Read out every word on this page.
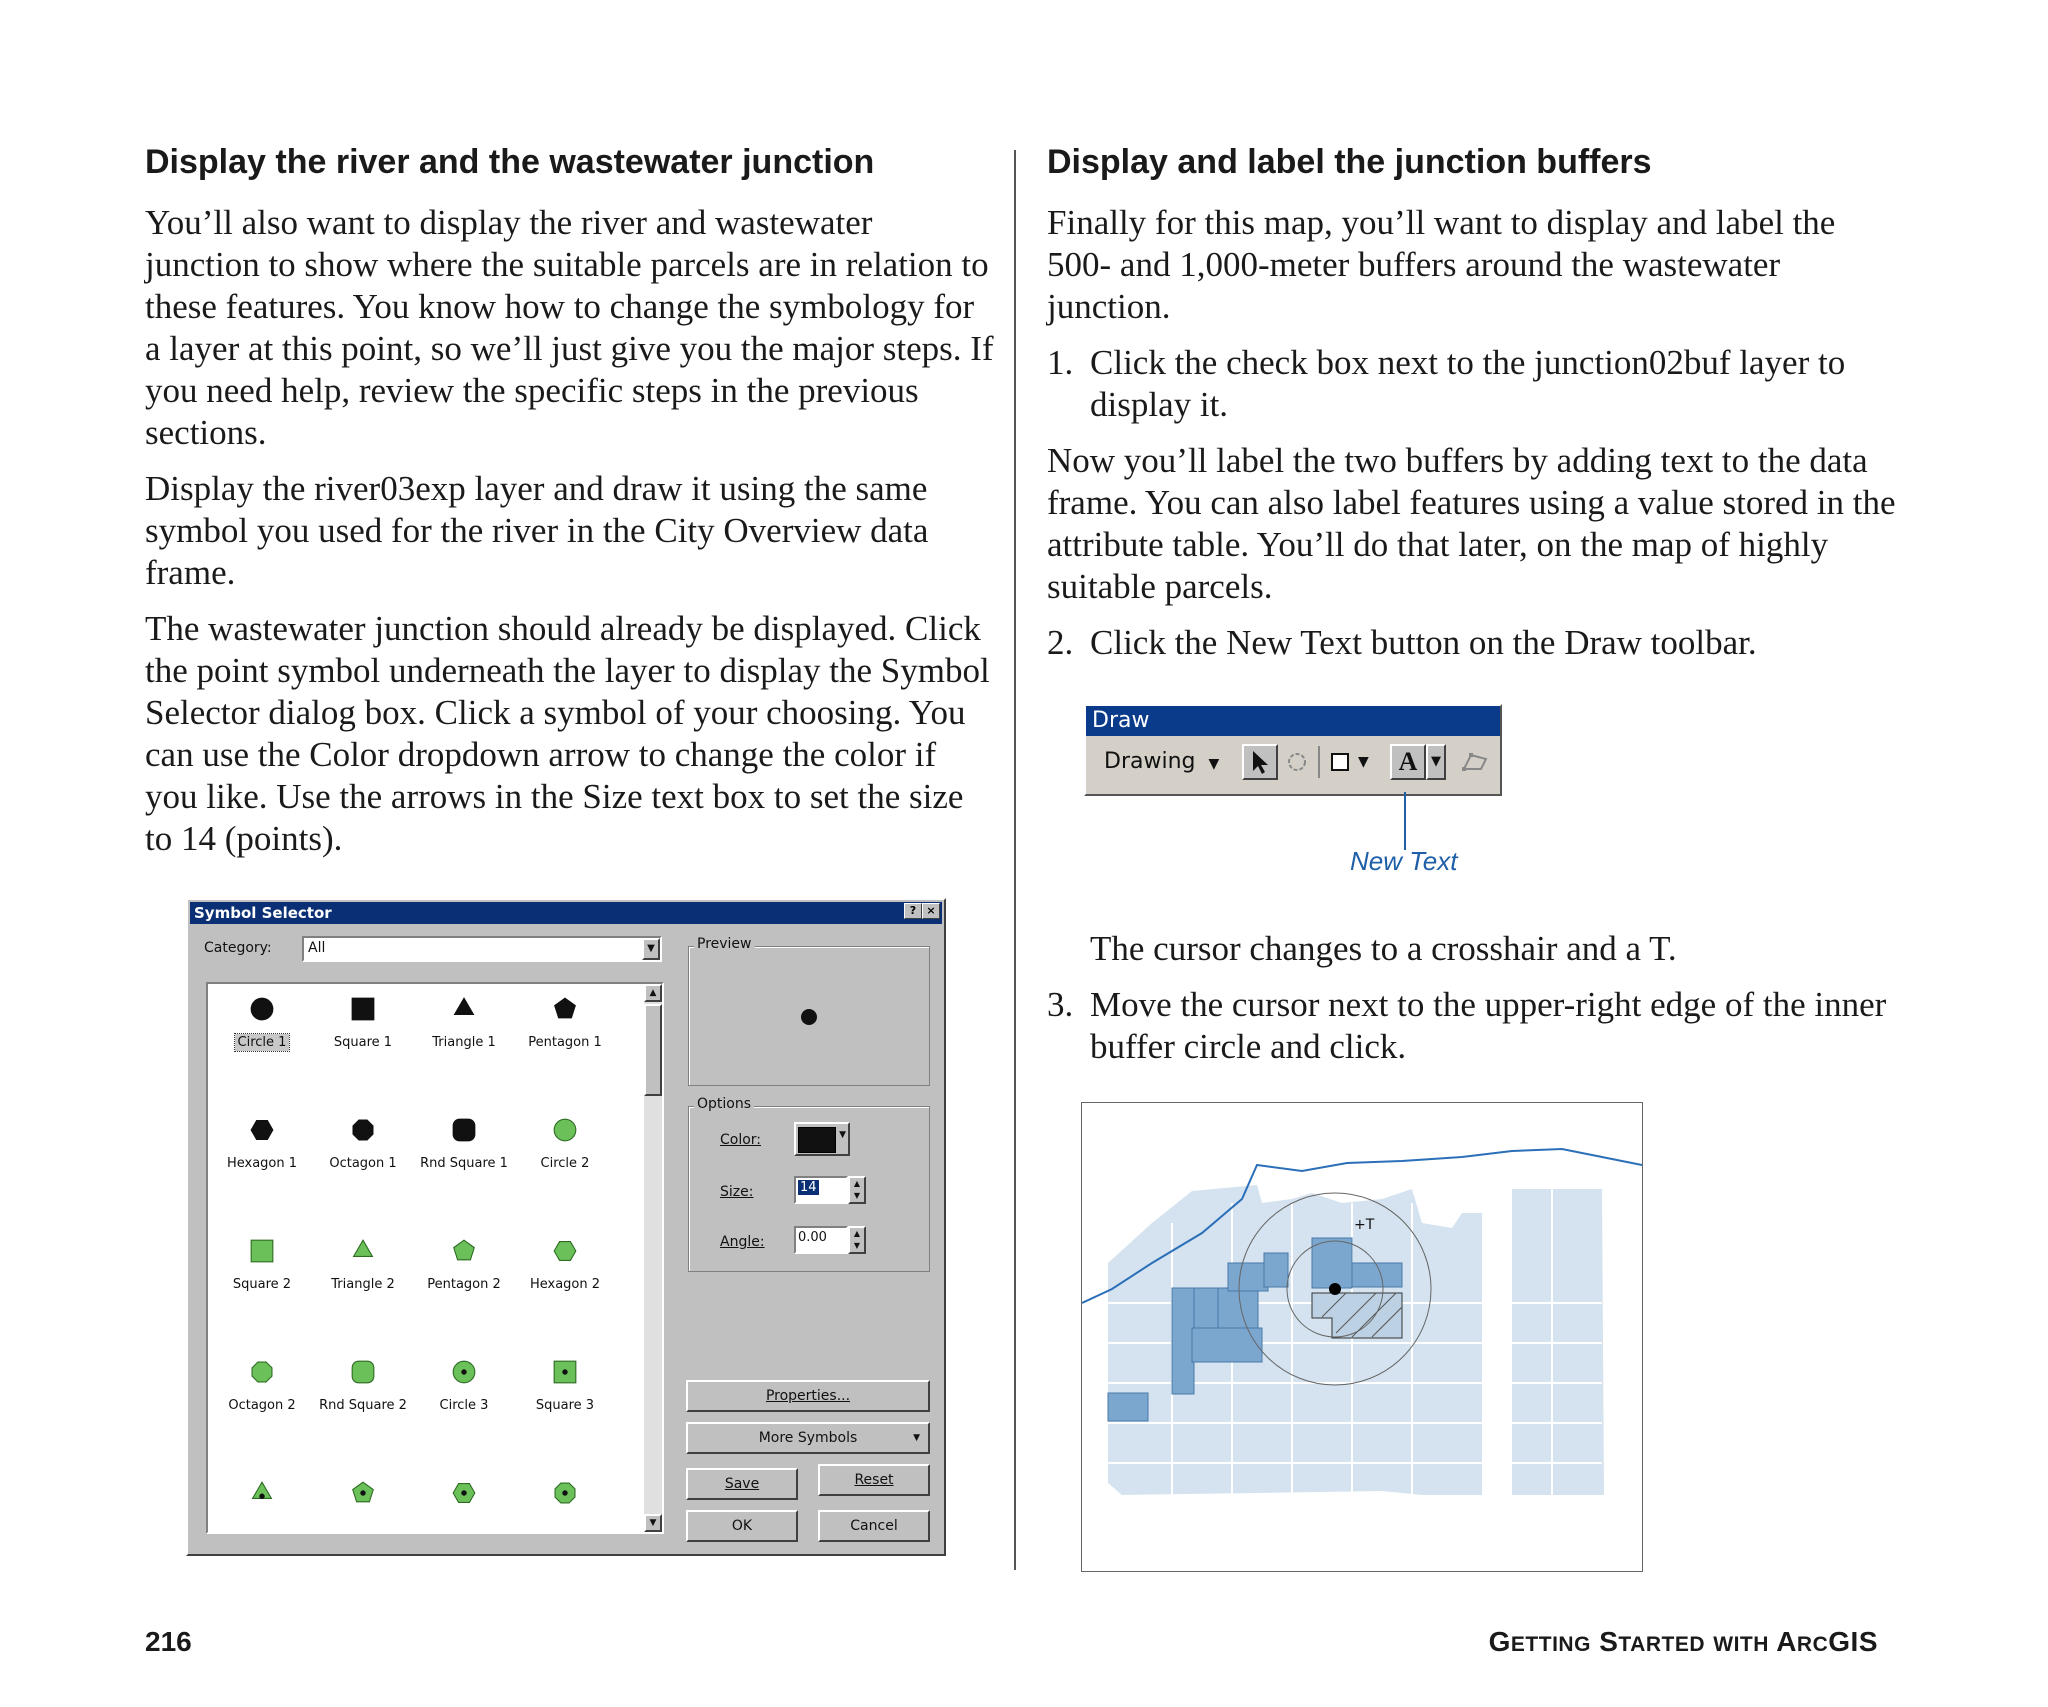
Display the river and the wastewater junction

You’ll also want to display the river and wastewater junction to show where the suitable parcels are in relation to these features. You know how to change the symbology for a layer at this point, so we’ll just give you the major steps. If you need help, review the specific steps in the previous sections.

Display the river03exp layer and draw it using the same symbol you used for the river in the City Overview data frame.

The wastewater junction should already be displayed. Click the point symbol underneath the layer to display the Symbol Selector dialog box. Click a symbol of your choosing. You can use the Color dropdown arrow to change the color if you like. Use the arrows in the Size text box to set the size to 14 (points).

Symbol Selector	? ×
Category:	All	▼
▲
▼
Circle 1	Square 1	Triangle 1	Pentagon 1
Hexagon 1	Octagon 1	Rnd Square 1	Circle 2
Square 2	Triangle 2	Pentagon 2	Hexagon 2
Octagon 2	Rnd Square 2	Circle 3	Square 3
Preview
Options
Color:	▼
Size:	14	▲
▼
Angle:	0.00	▲
▼
Properties...
More Symbols	▼
Save	Reset
OK	Cancel
Display and label the junction buffers

Finally for this map, you’ll want to display and label the 500- and 1,000-meter buffers around the wastewater junction.

1. Click the check box next to the junction02buf layer to display it.

Now you’ll label the two buffers by adding text to the data frame. You can also label features using a value stored in the attribute table. You’ll do that later, on the map of highly suitable parcels.

2. Click the New Text button on the Draw toolbar.
Draw
Drawing ▼	▼	A	▼
New Text

The cursor changes to a crosshair and a T.

3. Move the cursor next to the upper-right edge of the inner buffer circle and click.
+T
216	GETTING STARTED WITH ARCGIS
